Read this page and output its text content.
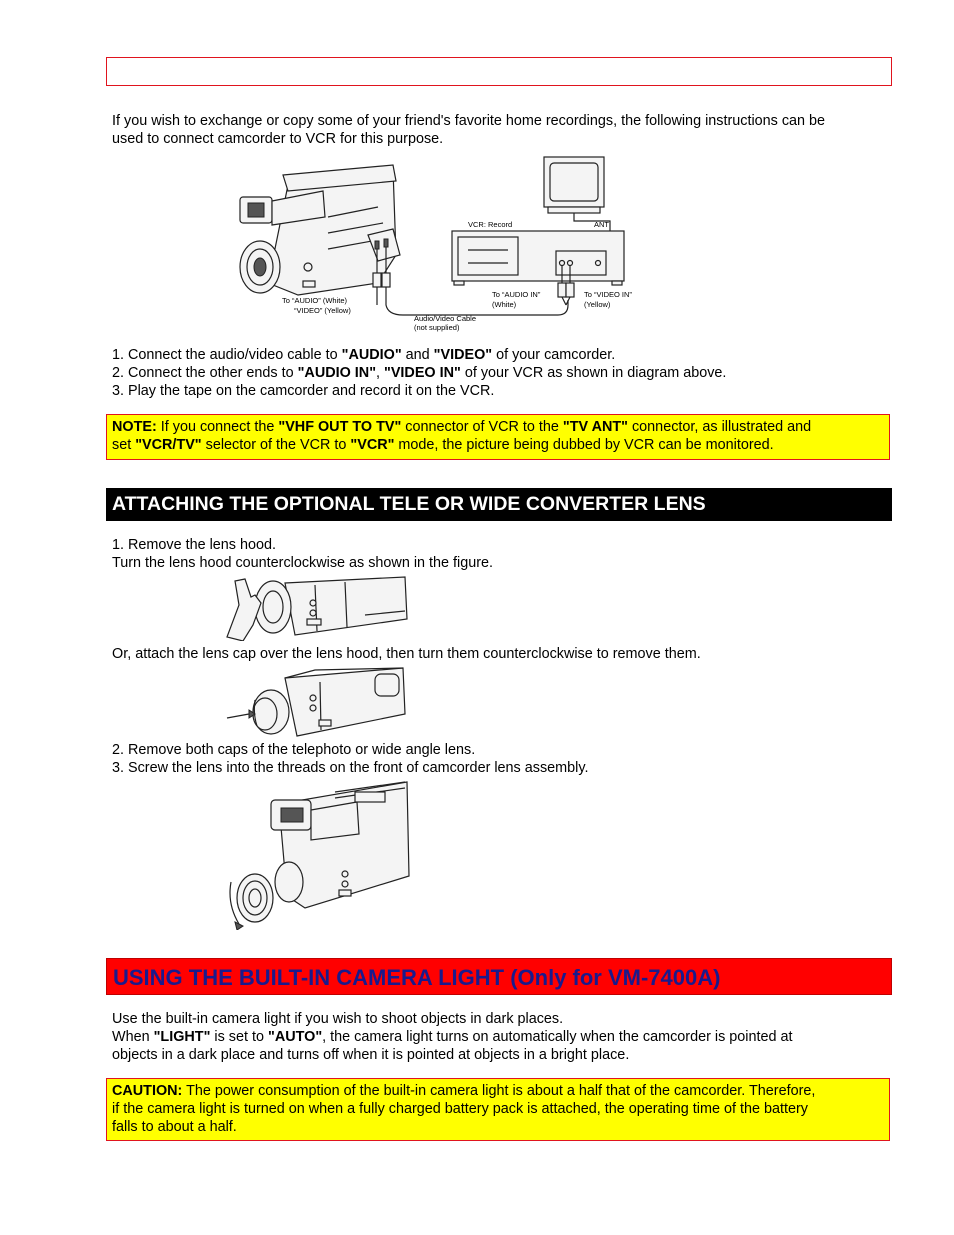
If you wish to exchange or copy some of your friend's favorite home recordings, the following instructions can be
used to connect camcorder to VCR for this purpose.
To “AUDIO” (White)
“VIDEO” (Yellow)
Audio/Video Cable
(not supplied)
ANT
VCR: Record
To “AUDIO IN”
(White)
To “VIDEO IN”
(Yellow)
1. Connect the audio/video cable to "AUDIO" and "VIDEO" of your camcorder.
2. Connect the other ends to "AUDIO IN", "VIDEO IN" of your VCR as shown in diagram above.
3. Play the tape on the camcorder and record it on the VCR.
NOTE: If you connect the "VHF OUT TO TV" connector of VCR to the "TV ANT" connector, as illustrated and
set "VCR/TV" selector of the VCR to "VCR" mode, the picture being dubbed by VCR can be monitored.
ATTACHING THE OPTIONAL TELE OR WIDE CONVERTER LENS
1. Remove the lens hood.
Turn the lens hood counterclockwise as shown in the figure.
Or, attach the lens cap over the lens hood, then turn them counterclockwise to remove them.
2. Remove both caps of the telephoto or wide angle lens.
3. Screw the lens into the threads on the front of camcorder lens assembly.
USING THE BUILT-IN CAMERA LIGHT (Only for VM-7400A)
Use the built-in camera light if you wish to shoot objects in dark places.
When "LIGHT" is set to "AUTO", the camera light turns on automatically when the camcorder is pointed at
objects in a dark place and turns off when it is pointed at objects in a bright place.
CAUTION: The power consumption of the built-in camera light is about a half that of the camcorder. Therefore,
if the camera light is turned on when a fully charged battery pack is attached, the operating time of the battery
falls to about a half.
